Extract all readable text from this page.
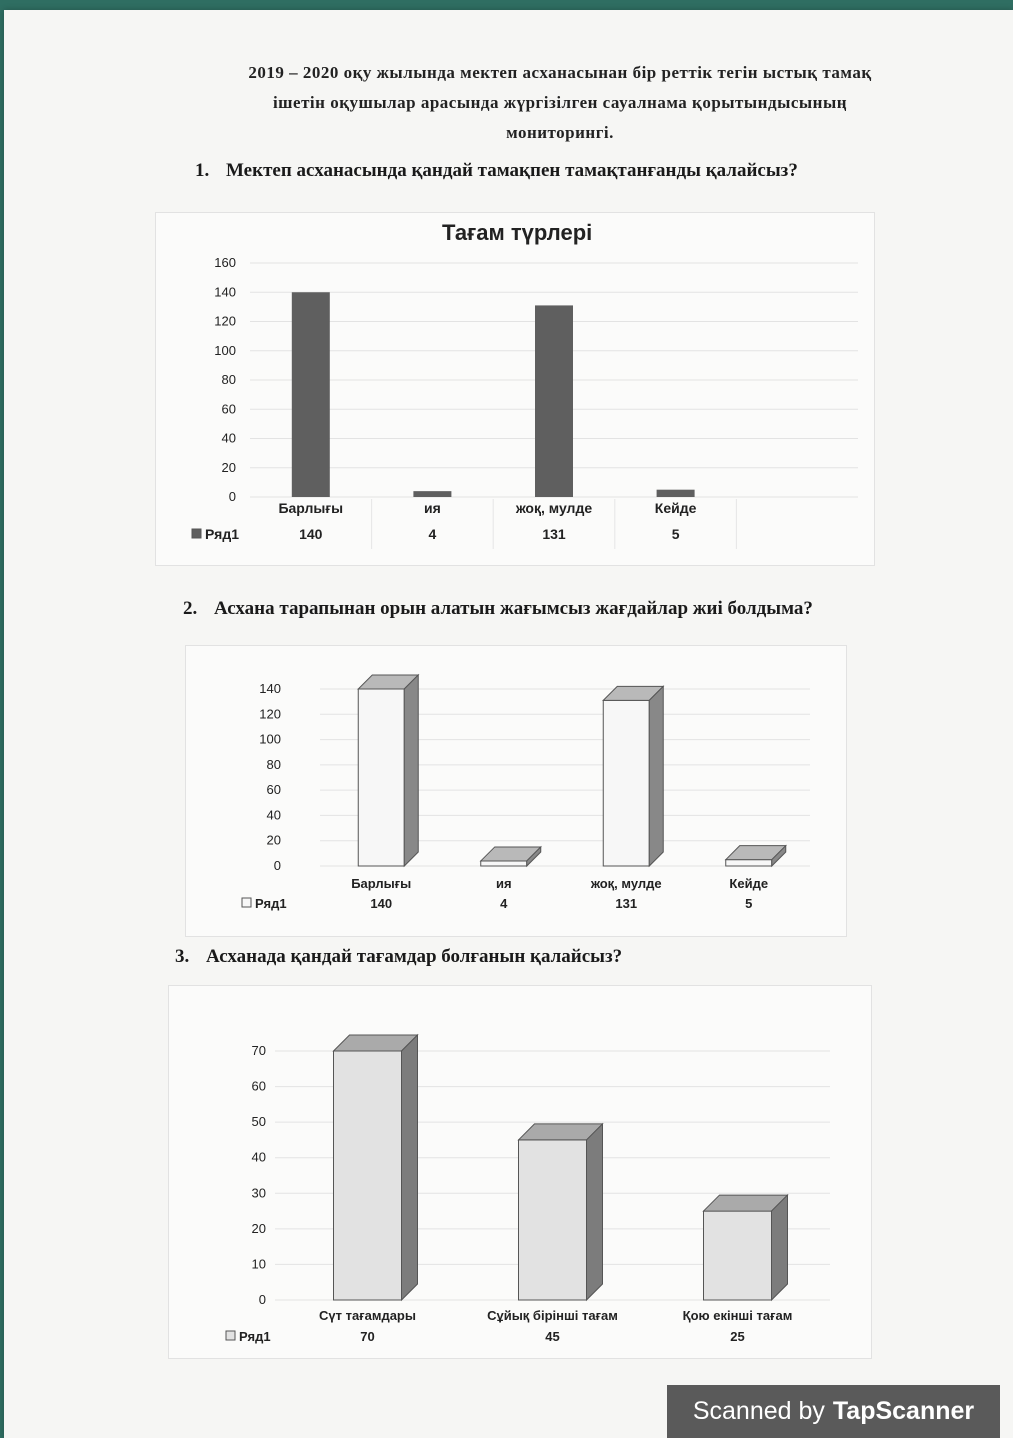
2019 – 2020 оқу жылында мектеп асханасынан бір реттік тегін ыстық тамақ
ішетін оқушылар арасында жүргізілген сауалнама қорытындысының
мониторингі.
1. Мектеп асханасында қандай тамақпен тамақтанғанды қалайсыз?
Тағам түрлері
0
20
40
60
80
100
120
140
160
Барлығы
140
ия
4
жоқ, мулде
131
Кейде
5
Ряд1
2. Асхана тарапынан орын алатын жағымсыз жағдайлар жиі болдыма?
0
20
40
60
80
100
120
140
Барлығы
140
ия
4
жоқ, мулде
131
Кейде
5
Ряд1
3. Асханада қандай тағамдар болғанын қалайсыз?
0
10
20
30
40
50
60
70
Сүт тағамдары
70
Сұйық бірінші тағам
45
Қою екінші тағам
25
Ряд1
Scanned by TapScanner
